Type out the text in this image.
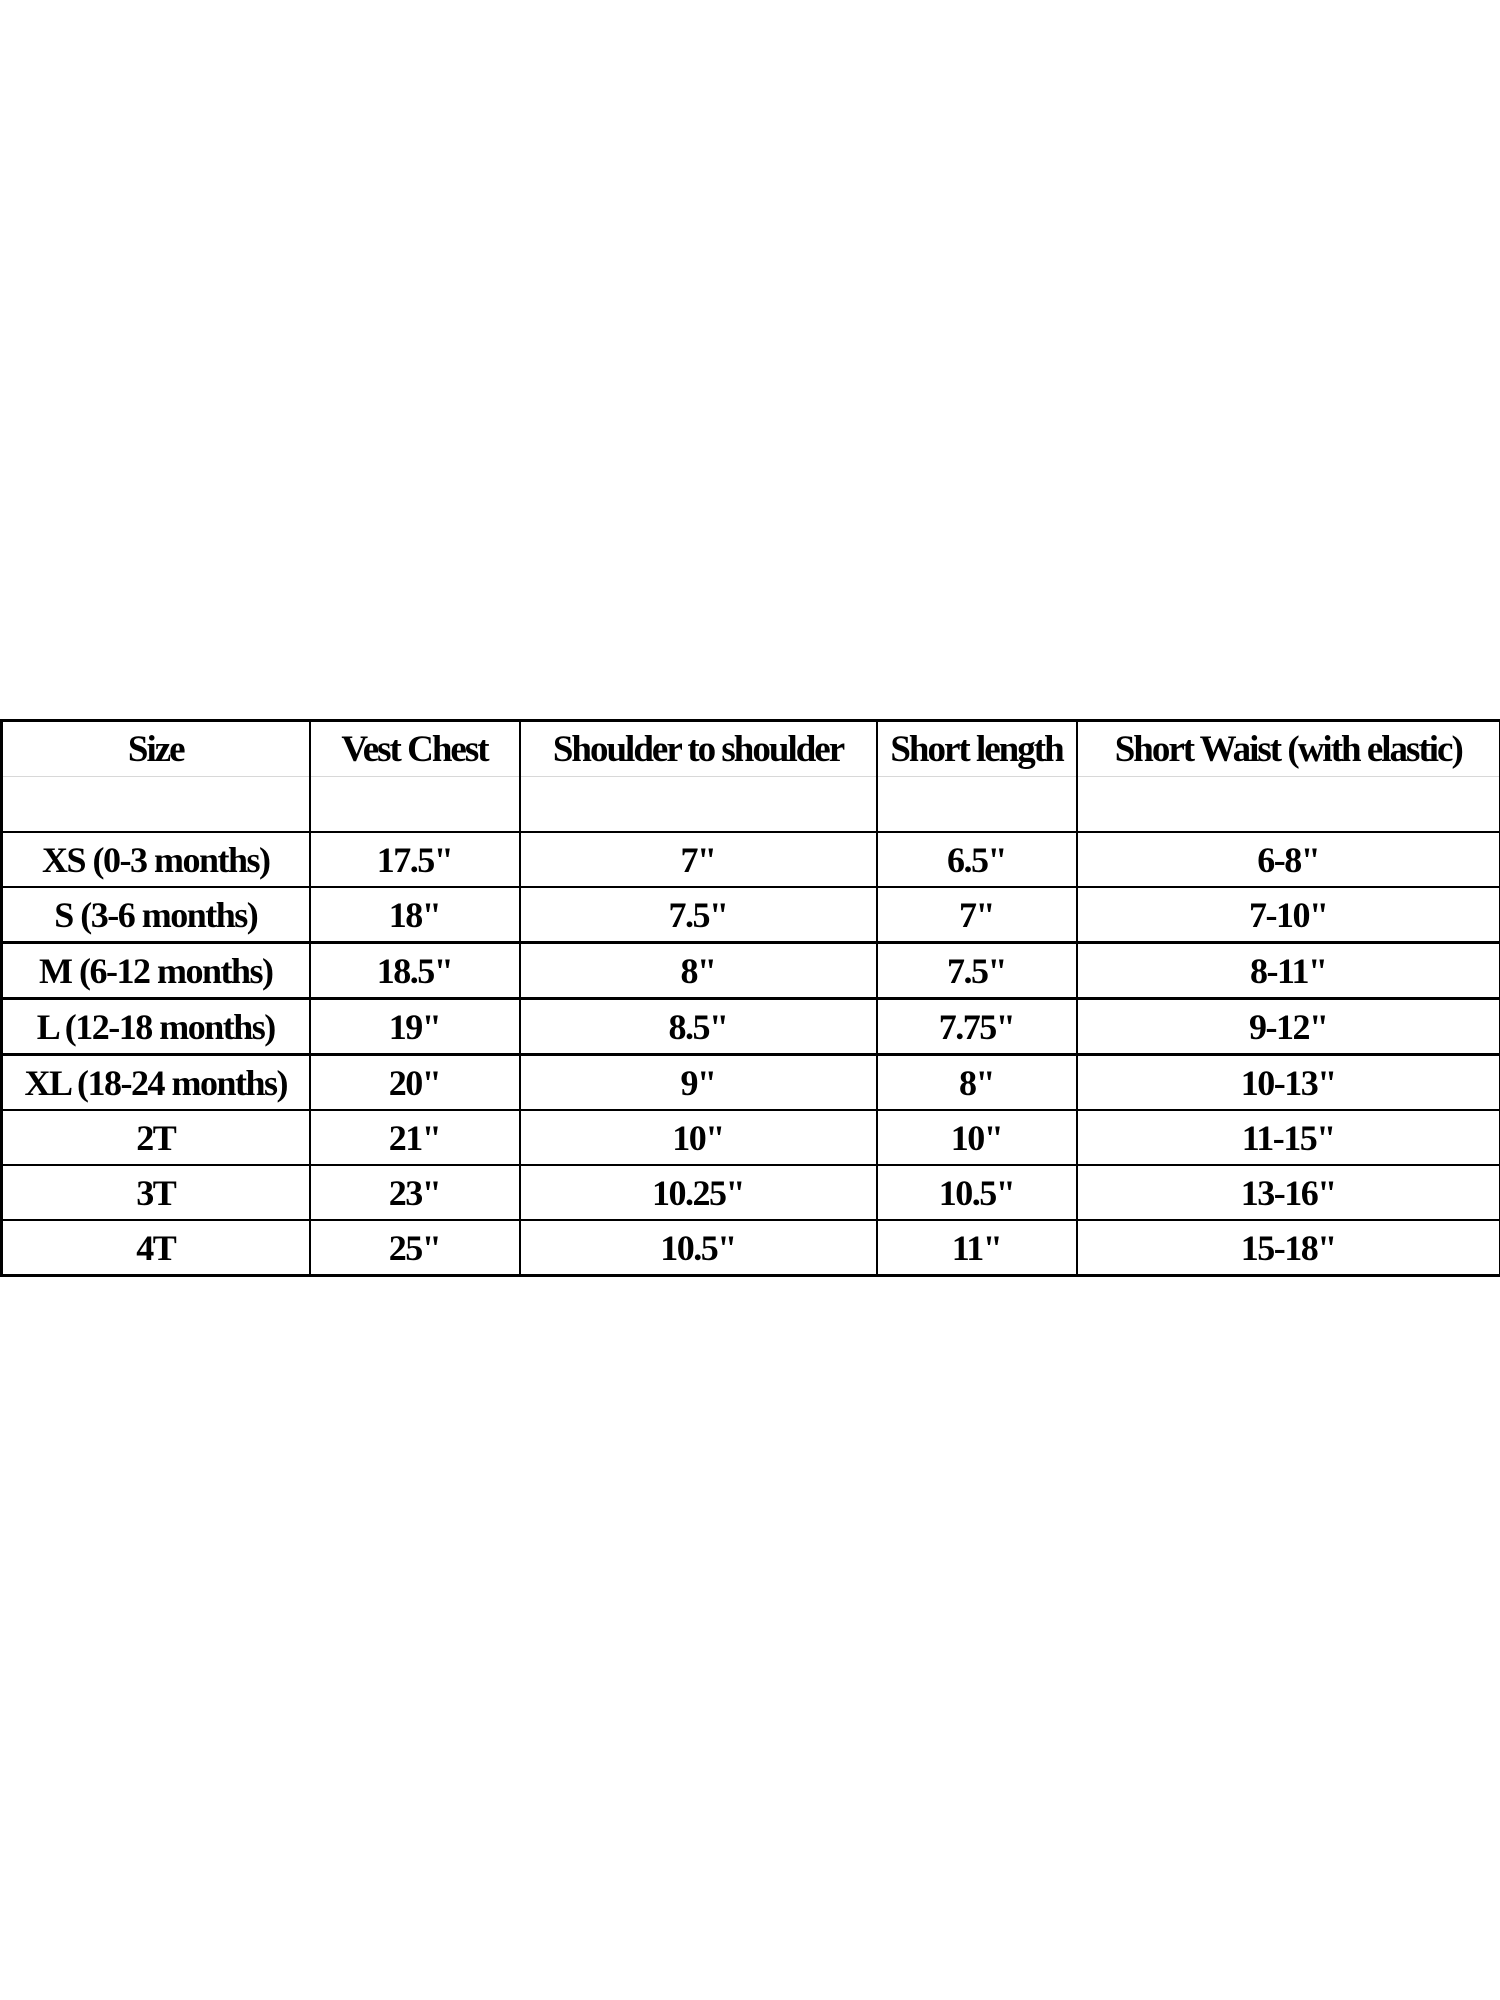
Size	Vest Chest	Shoulder to shoulder	Short length	Short Waist (with elastic)

XS (0-3 months)	17.5"	7"	6.5"	6-8"
S (3-6 months)	18"	7.5"	7"	7-10"
M (6-12 months)	18.5"	8"	7.5"	8-11"
L (12-18 months)	19"	8.5"	7.75"	9-12"
XL (18-24 months)	20"	9"	8"	10-13"
2T	21"	10"	10"	11-15"
3T	23"	10.25"	10.5"	13-16"
4T	25"	10.5"	11"	15-18"
